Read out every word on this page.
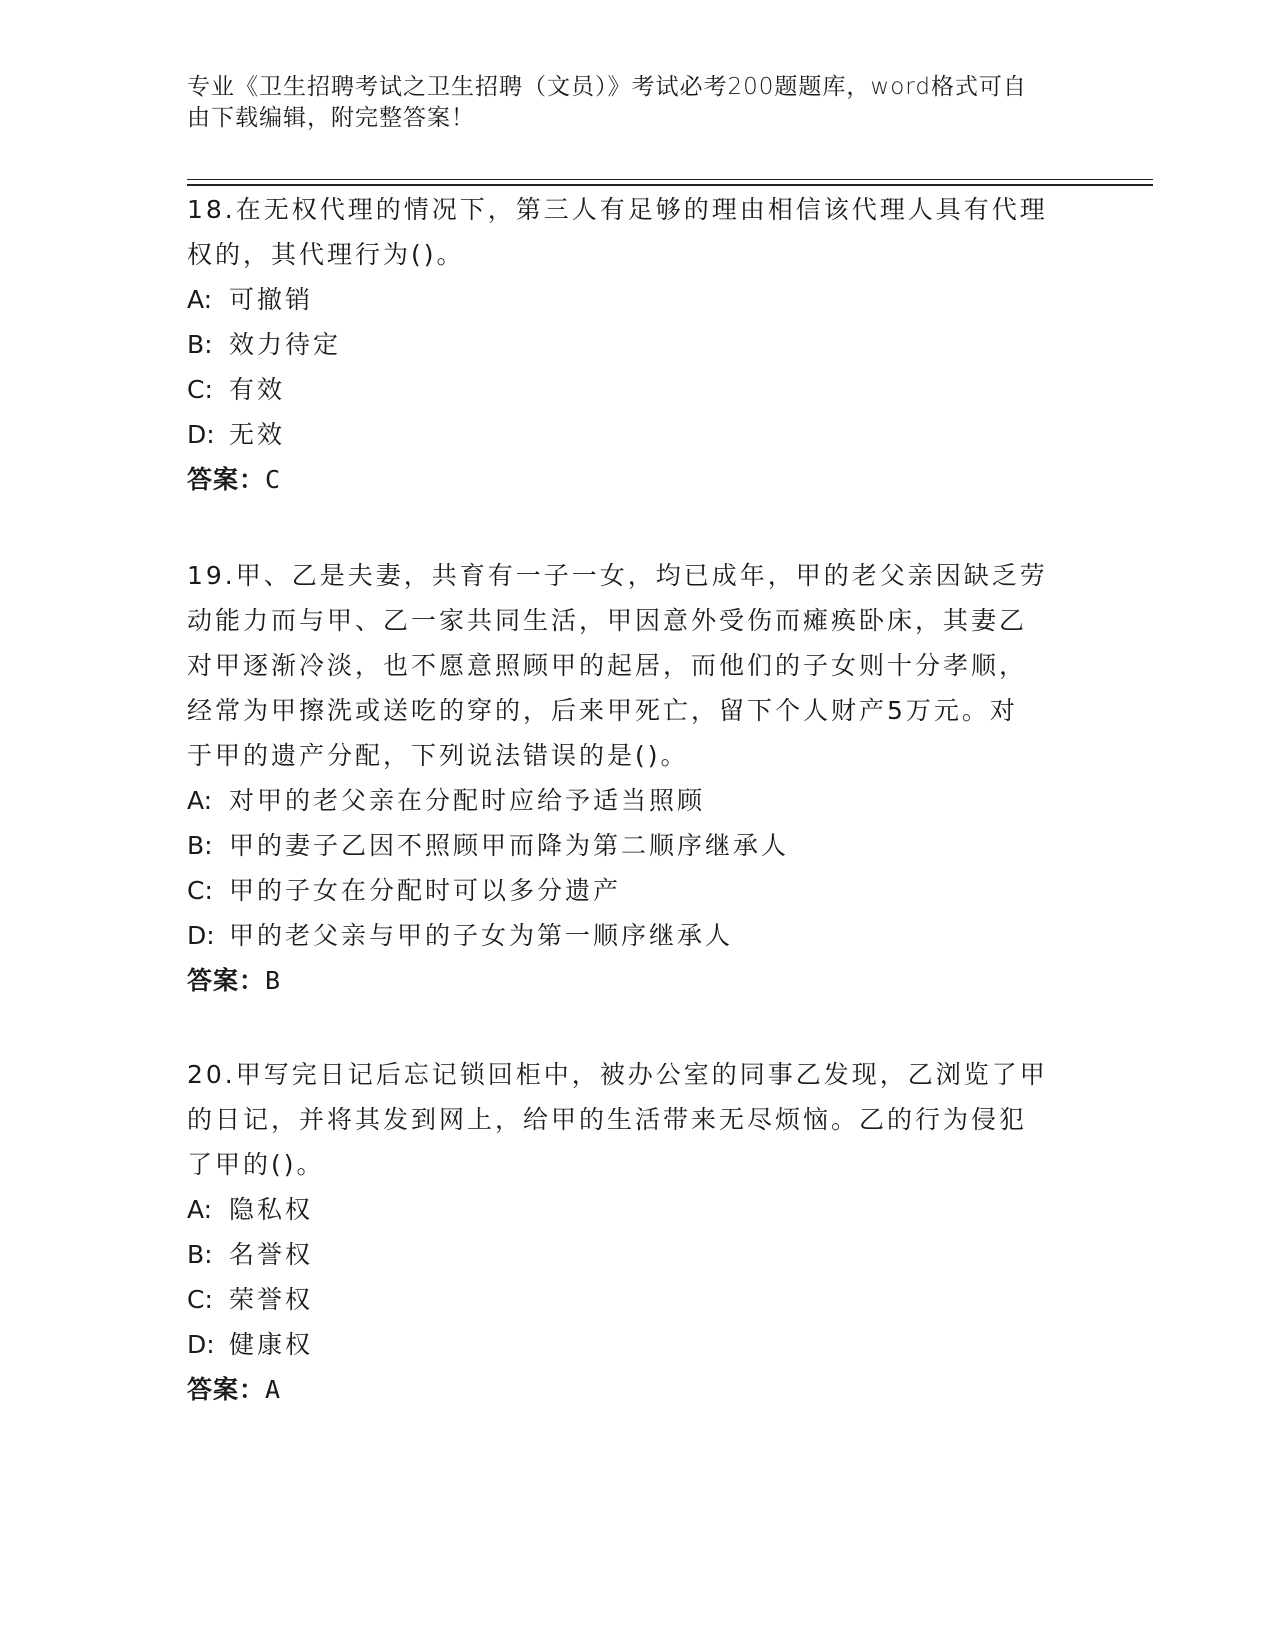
专业《卫生招聘考试之卫生招聘（文员）》考试必考200题题库，word格式可自
由下载编辑，附完整答案！
18.在无权代理的情况下，第三人有足够的理由相信该代理人具有代理
权的，其代理行为()。
A: 可撤销
B: 效力待定
C: 有效
D: 无效
答案：C
19.甲、乙是夫妻，共育有一子一女，均已成年，甲的老父亲因缺乏劳
动能力而与甲、乙一家共同生活，甲因意外受伤而瘫痪卧床，其妻乙
对甲逐渐冷淡，也不愿意照顾甲的起居，而他们的子女则十分孝顺，
经常为甲擦洗或送吃的穿的，后来甲死亡，留下个人财产5万元。对
于甲的遗产分配，下列说法错误的是()。
A: 对甲的老父亲在分配时应给予适当照顾
B: 甲的妻子乙因不照顾甲而降为第二顺序继承人
C: 甲的子女在分配时可以多分遗产
D: 甲的老父亲与甲的子女为第一顺序继承人
答案：B
20.甲写完日记后忘记锁回柜中，被办公室的同事乙发现，乙浏览了甲
的日记，并将其发到网上，给甲的生活带来无尽烦恼。乙的行为侵犯
了甲的()。
A: 隐私权
B: 名誉权
C: 荣誉权
D: 健康权
答案：A
